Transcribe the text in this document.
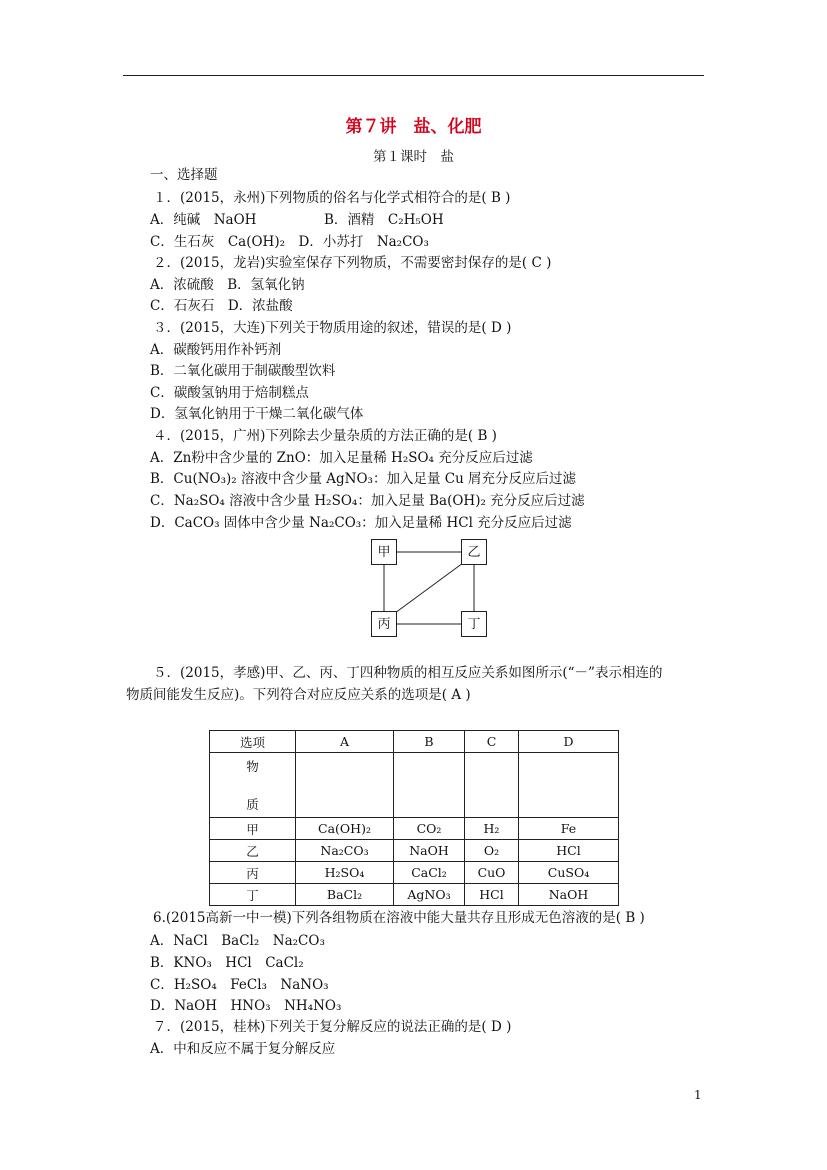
第７讲　盐、化肥
第１课时　盐
一、选择题
１．(2015，永州)下列物质的俗名与化学式相符合的是( B )
A．纯碱　NaOH　　　　　B．酒精　C₂H₅OH
C．生石灰　Ca(OH)₂　D．小苏打　Na₂CO₃
２．(2015，龙岩)实验室保存下列物质，不需要密封保存的是( C )
A．浓硫酸　B．氢氧化钠
C．石灰石　D．浓盐酸
３．(2015，大连)下列关于物质用途的叙述，错误的是( D )
A．碳酸钙用作补钙剂
B．二氧化碳用于制碳酸型饮料
C．碳酸氢钠用于焙制糕点
D．氢氧化钠用于干燥二氧化碳气体
４．(2015，广州)下列除去少量杂质的方法正确的是( B )
A．Zn粉中含少量的 ZnO：加入足量稀 H₂SO₄ 充分反应后过滤
B．Cu(NO₃)₂ 溶液中含少量 AgNO₃：加入足量 Cu 屑充分反应后过滤
C．Na₂SO₄ 溶液中含少量 H₂SO₄：加入足量 Ba(OH)₂ 充分反应后过滤
D．CaCO₃ 固体中含少量 Na₂CO₃：加入足量稀 HCl 充分反应后过滤
甲	乙
丙	丁
５．(2015，孝感)甲、乙、丙、丁四种物质的相互反应关系如图所示(“－”表示相连的
物质间能发生反应)。下列符合对应反应关系的选项是( A )
选项	A	B	C	D

物
质				

甲	Ca(OH)₂	CO₂	H₂	Fe
乙	Na₂CO₃	NaOH	O₂	HCl
丙	H₂SO₄	CaCl₂	CuO	CuSO₄
丁	BaCl₂	AgNO₃	HCl	NaOH
6.(2015高新一中一模)下列各组物质在溶液中能大量共存且形成无色溶液的是( B )
A．NaCl　BaCl₂　Na₂CO₃
B．KNO₃　HCl　CaCl₂
C．H₂SO₄　FeCl₃　NaNO₃
D．NaOH　HNO₃　NH₄NO₃
７．(2015，桂林)下列关于复分解反应的说法正确的是( D )
A．中和反应不属于复分解反应
1
